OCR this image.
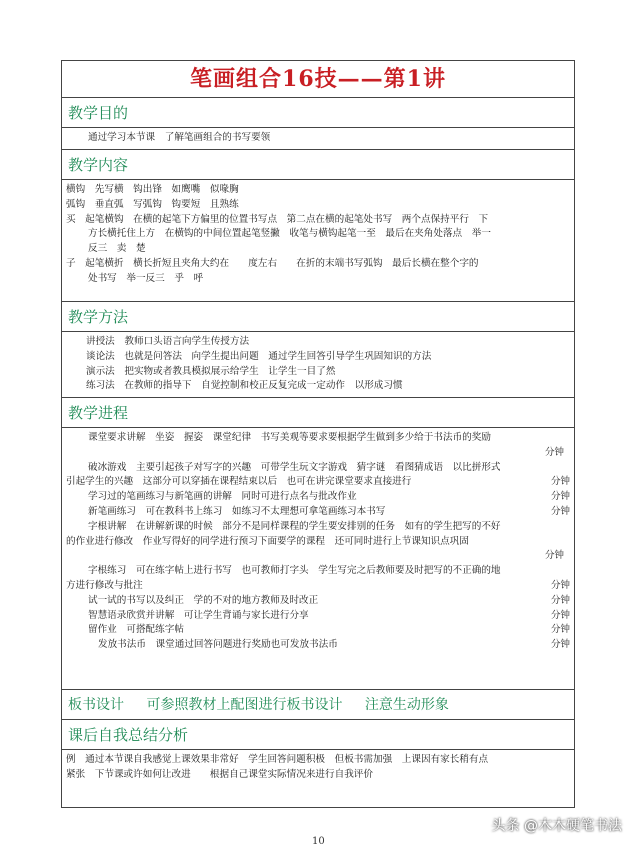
笔画组合16技——第1讲
教学目的
通过学习本节课　了解笔画组合的书写要领
教学内容
横钩　先写横　钩出锋　如鹰嘴　似喙胸
弧钩　垂直弧　写弧钩　钩要短　且熟练
买　起笔横钩　在横的起笔下方偏里的位置书写点　第二点在横的起笔处书写　两个点保持平行　下
方长横托住上方　在横钩的中间位置起笔竖撇　收笔与横钩起笔一至　最后在夹角处落点　举一
反三　卖　楚
子　起笔横折　横长折短且夹角大约在　　度左右　　在折的末端书写弧钩　最后长横在整个字的
处书写　举一反三　乎　呼
教学方法
讲授法　教师口头语言向学生传授方法
谈论法　也就是问答法　向学生提出问题　通过学生回答引导学生巩固知识的方法
演示法　把实物或者教具模拟展示给学生　让学生一目了然
练习法　在教师的指导下　自觉控制和校正反复完成一定动作　以形成习惯
教学进程
课堂要求讲解　坐姿　握姿　课堂纪律　书写美观等要求要根据学生做到多少给于书法币的奖励
分钟
破冰游戏　主要引起孩子对写字的兴趣　可带学生玩文字游戏　猜字谜　看图猜成语　以比拼形式
引起学生的兴趣　这部分可以穿插在课程结束以后　也可在讲完课堂要求直接进行	分钟
学习过的笔画练习与新笔画的讲解　同时可进行点名与批改作业	分钟
新笔画练习　可在教科书上练习　如练习不太理想可拿笔画练习本书写	分钟
字根讲解　在讲解新课的时候　部分不是同样课程的学生要安排别的任务　如有的学生把写的不好
的作业进行修改　作业写得好的同学进行预习下面要学的课程　还可同时进行上节课知识点巩固
分钟
字根练习　可在练字帖上进行书写　也可教师打字头　学生写完之后教师要及时把写的不正确的地
方进行修改与批注	分钟
试一试的书写以及纠正　学的不对的地方教师及时改正	分钟
智慧语录欣赏并讲解　可让学生背诵与家长进行分享	分钟
留作业　可搭配练字帖	分钟
发放书法币　课堂通过回答问题进行奖励也可发放书法币	分钟
板书设计 可参照教材上配图进行板书设计 注意生动形象
课后自我总结分析
例　通过本节课自我感觉上课效果非常好　学生回答问题积极　但板书需加强　上课因有家长稍有点
紧张　下节课或许如何让改进　　根据自己课堂实际情况来进行自我评价
10
头条 @木木硬笔书法
